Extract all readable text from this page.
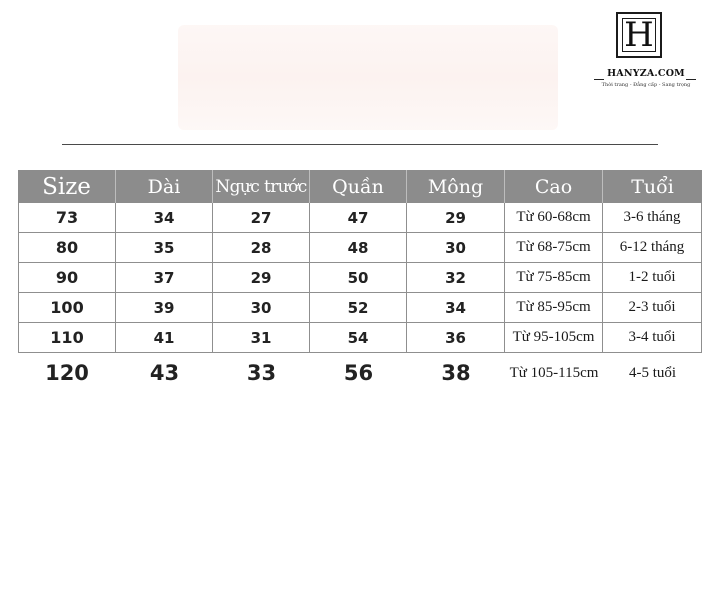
H
HANYZA.COM
Thời trang - Đẳng cấp - Sang trọng
Size	Dài	Ngực trước	Quần	Mông	Cao	Tuổi
73	34	27	47	29	Từ 60-68cm	3-6 tháng
80	35	28	48	30	Từ 68-75cm	6-12 tháng
90	37	29	50	32	Từ 75-85cm	1-2 tuổi
100	39	30	52	34	Từ 85-95cm	2-3 tuổi
110	41	31	54	36	Từ 95-105cm	3-4 tuổi
120	43	33	56	38	Từ 105-115cm	4-5 tuổi
